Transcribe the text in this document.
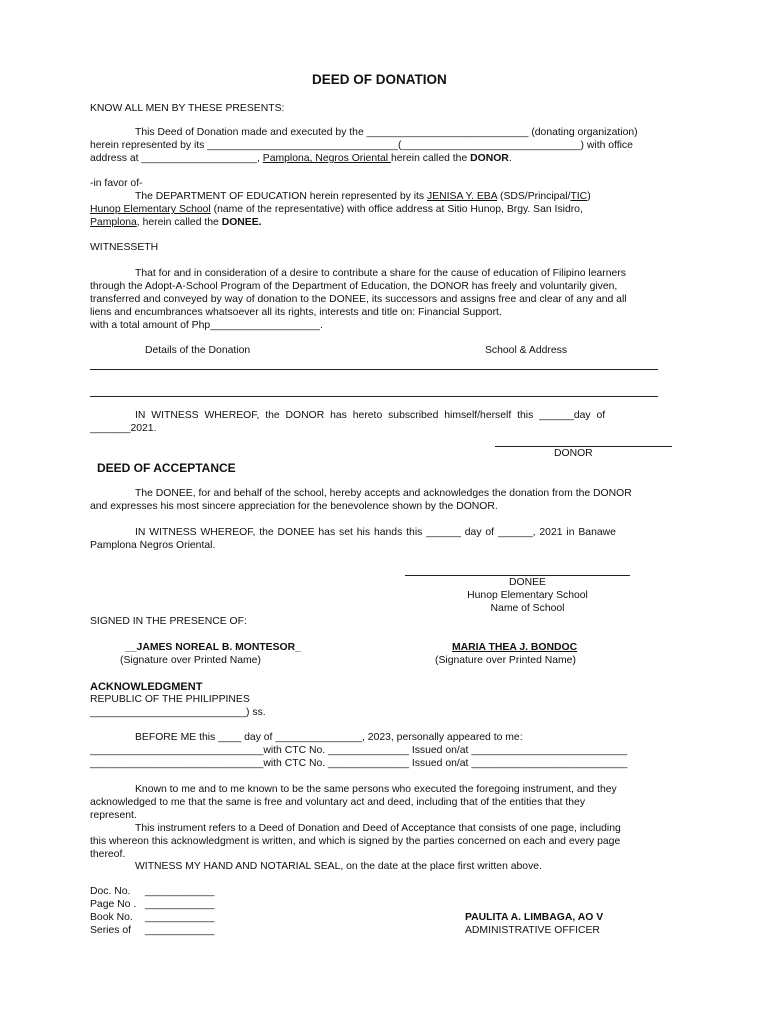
DEED OF DONATION
KNOW ALL MEN BY THESE PRESENTS:
This Deed of Donation made and executed by the ____________________________ (donating organization)
herein represented by its _________________________________(_______________________________) with office
address at ____________________, Pamplona, Negros Oriental herein called the DONOR.
-in favor of-
The DEPARTMENT OF EDUCATION herein represented by its JENISA Y. EBA (SDS/Principal/TIC)
Hunop Elementary School (name of the representative) with office address at Sitio Hunop, Brgy. San Isidro,
Pamplona, herein called the DONEE.
WITNESSETH
That for and in consideration of a desire to contribute a share for the cause of education of Filipino learners
through the Adopt-A-School Program of the Department of Education, the DONOR has freely and voluntarily given,
transferred and conveyed by way of donation to the DONEE, its successors and assigns free and clear of any and all
liens and encumbrances whatsoever all its rights, interests and title on: Financial Support.
with a total amount of Php___________________.
Details of the Donation	School & Address
IN WITNESS WHEREOF, the DONOR has hereto subscribed himself/herself this ______day of
_______2021.
DONOR
DEED OF ACCEPTANCE
The DONEE, for and behalf of the school, hereby accepts and acknowledges the donation from the DONOR
and expresses his most sincere appreciation for the benevolence shown by the DONOR.
IN WITNESS WHEREOF, the DONEE has set his hands this ______ day of ______, 2021 in Banawe
Pamplona Negros Oriental.
DONEE
Hunop Elementary School
Name of School
SIGNED IN THE PRESENCE OF:
__JAMES NOREAL B. MONTESOR_
(Signature over Printed Name)
MARIA THEA J. BONDOC
(Signature over Printed Name)
ACKNOWLEDGMENT
REPUBLIC OF THE PHILIPPINES
___________________________) ss.
BEFORE ME this ____ day of _______________, 2023, personally appeared to me:
______________________________with CTC No. ______________ Issued on/at ___________________________
______________________________with CTC No. ______________ Issued on/at ___________________________
Known to me and to me known to be the same persons who executed the foregoing instrument, and they
acknowledged to me that the same is free and voluntary act and deed, including that of the entities that they
represent.
This instrument refers to a Deed of Donation and Deed of Acceptance that consists of one page, including
this whereon this acknowledgment is written, and which is signed by the parties concerned on each and every page
thereof.
WITNESS MY HAND AND NOTARIAL SEAL, on the date at the place first written above.
Doc. No. ____________
Page No . ____________
Book No. ____________
Series of ____________
PAULITA A. LIMBAGA, AO V
ADMINISTRATIVE OFFICER
